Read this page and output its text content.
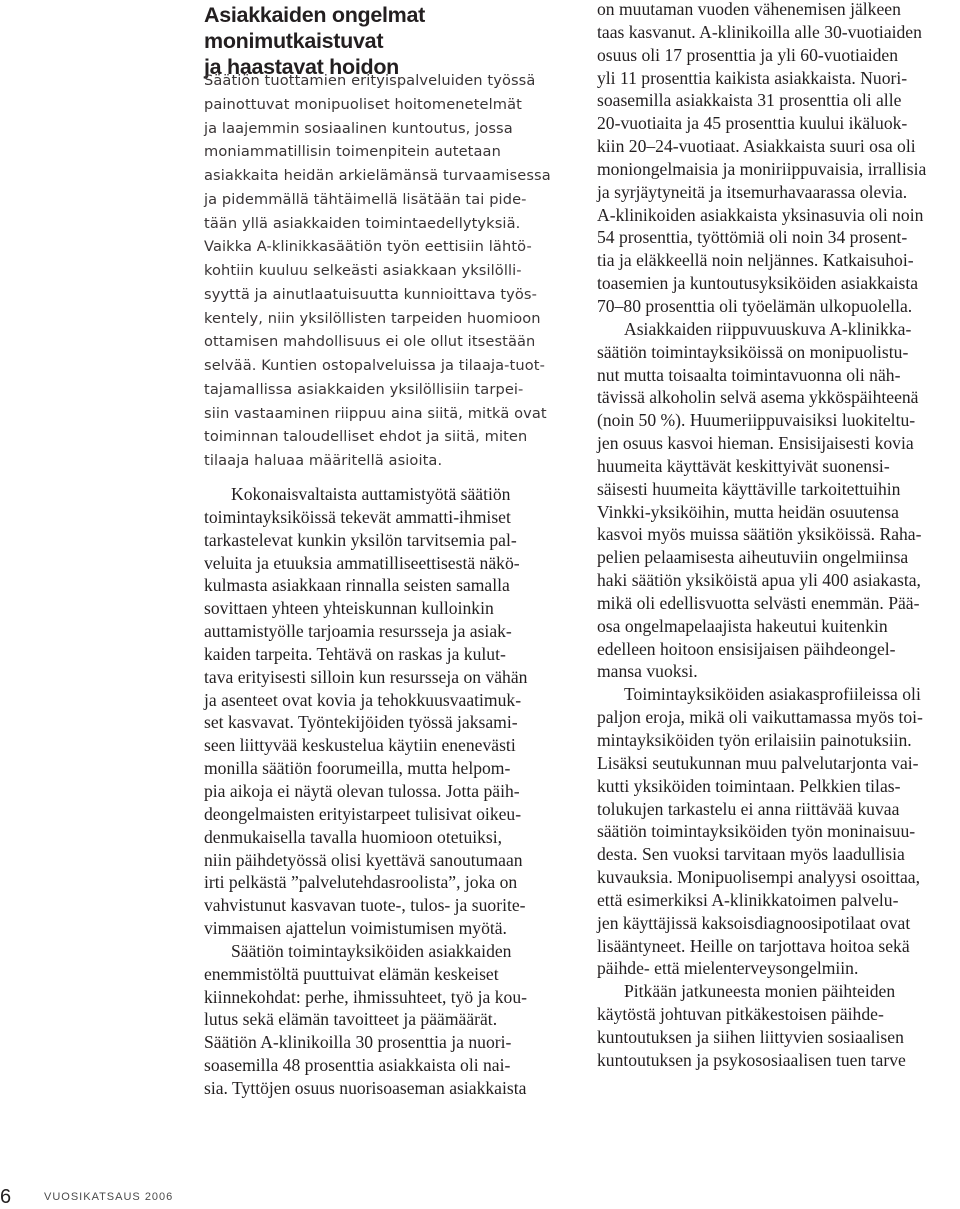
Asiakkaiden ongelmat monimutkaistuvat
ja haastavat hoidon
Säätiön tuottamien erityispalveluiden työssä
painottuvat monipuoliset hoitomenetelmät
ja laajemmin sosiaalinen kuntoutus, jossa
moniammatillisin toimenpitein autetaan
asiakkaita heidän arkielämänsä turvaamisessa
ja pidemmällä tähtäimellä lisätään tai pide-
tään yllä asiakkaiden toimintaedellytyksiä.
Vaikka A-klinikkasäätiön työn eettisiin lähtö-
kohtiin kuuluu selkeästi asiakkaan yksilölli-
syyttä ja ainutlaatuisuutta kunnioittava työs-
kentely, niin yksilöllisten tarpeiden huomioon
ottamisen mahdollisuus ei ole ollut itsestään
selvää. Kuntien ostopalveluissa ja tilaaja-tuot-
tajamallissa asiakkaiden yksilöllisiin tarpei-
siin vastaaminen riippuu aina siitä, mitkä ovat
toiminnan taloudelliset ehdot ja siitä, miten
tilaaja haluaa määritellä asioita.
Kokonaisvaltaista auttamistyötä säätiön
toimintayksiköissä tekevät ammatti-ihmiset
tarkastelevat kunkin yksilön tarvitsemia pal-
veluita ja etuuksia ammatilliseettisestä näkö-
kulmasta asiakkaan rinnalla seisten samalla
sovittaen yhteen yhteiskunnan kulloinkin
auttamistyölle tarjoamia resursseja ja asiak-
kaiden tarpeita. Tehtävä on raskas ja kulut-
tava erityisesti silloin kun resursseja on vähän
ja asenteet ovat kovia ja tehokkuusvaatimuk-
set kasvavat. Työntekijöiden työssä jaksami-
seen liittyvää keskustelua käytiin enenevästi
monilla säätiön foorumeilla, mutta helpom-
pia aikoja ei näytä olevan tulossa. Jotta päih-
deongelmaisten erityistarpeet tulisivat oikeu-
denmukaisella tavalla huomioon otetuiksi,
niin päihdetyössä olisi kyettävä sanoutumaan
irti pelkästä ”palvelutehdasroolista”, joka on
vahvistunut kasvavan tuote-, tulos- ja suorite-
vimmaisen ajattelun voimistumisen myötä.
Säätiön toimintayksiköiden asiakkaiden
enemmistöltä puuttuivat elämän keskeiset
kiinnekohdat: perhe, ihmissuhteet, työ ja kou-
lutus sekä elämän tavoitteet ja päämäärät.
Säätiön A-klinikoilla 30 prosenttia ja nuori-
soasemilla 48 prosenttia asiakkaista oli nai-
sia. Tyttöjen osuus nuorisoaseman asiakkaista
on muutaman vuoden vähenemisen jälkeen
taas kasvanut. A-klinikoilla alle 30-vuotiaiden
osuus oli 17 prosenttia ja yli 60-vuotiaiden
yli 11 prosenttia kaikista asiakkaista. Nuori-
soasemilla asiakkaista 31 prosenttia oli alle
20-vuotiaita ja 45 prosenttia kuului ikäluok-
kiin 20–24-vuotiaat. Asiakkaista suuri osa oli
moniongelmaisia ja moniriippuvaisia, irrallisia
ja syrjäytyneitä ja itsemurhavaarassa olevia.
A-klinikoiden asiakkaista yksinasuvia oli noin
54 prosenttia, työttömiä oli noin 34 prosent-
tia ja eläkkeellä noin neljännes. Katkaisuhoi-
toasemien ja kuntoutusyksiköiden asiakkaista
70–80 prosenttia oli työelämän ulkopuolella.
Asiakkaiden riippuvuuskuva A-klinikka-
säätiön toimintayksiköissä on monipuolistu-
nut mutta toisaalta toimintavuonna oli näh-
tävissä alkoholin selvä asema ykköspäihteenä
(noin 50 %). Huumeriippuvaisiksi luokiteltu-
jen osuus kasvoi hieman. Ensisijaisesti kovia
huumeita käyttävät keskittyivät suonensi-
säisesti huumeita käyttäville tarkoitettuihin
Vinkki-yksiköihin, mutta heidän osuutensa
kasvoi myös muissa säätiön yksiköissä. Raha-
pelien pelaamisesta aiheutuviin ongelmiinsa
haki säätiön yksiköistä apua yli 400 asiakasta,
mikä oli edellisvuotta selvästi enemmän. Pää-
osa ongelmapelaajista hakeutui kuitenkin
edelleen hoitoon ensisijaisen päihdeongel-
mansa vuoksi.
Toimintayksiköiden asiakasprofiileissa oli
paljon eroja, mikä oli vaikuttamassa myös toi-
mintayksiköiden työn erilaisiin painotuksiin.
Lisäksi seutukunnan muu palvelutarjonta vai-
kutti yksiköiden toimintaan. Pelkkien tilas-
tolukujen tarkastelu ei anna riittävää kuvaa
säätiön toimintayksiköiden työn moninaisuu-
desta. Sen vuoksi tarvitaan myös laadullisia
kuvauksia. Monipuolisempi analyysi osoittaa,
että esimerkiksi A-klinikkatoimen palvelu-
jen käyttäjissä kaksoisdiagnoosipotilaat ovat
lisääntyneet. Heille on tarjottava hoitoa sekä
päihde- että mielenterveysongelmiin.
Pitkään jatkuneesta monien päihteiden
käytöstä johtuvan pitkäkestoisen päihde-
kuntoutuksen ja siihen liittyvien sosiaalisen
kuntoutuksen ja psykososiaalisen tuen tarve
6	VUOSIKATSAUS 2006
